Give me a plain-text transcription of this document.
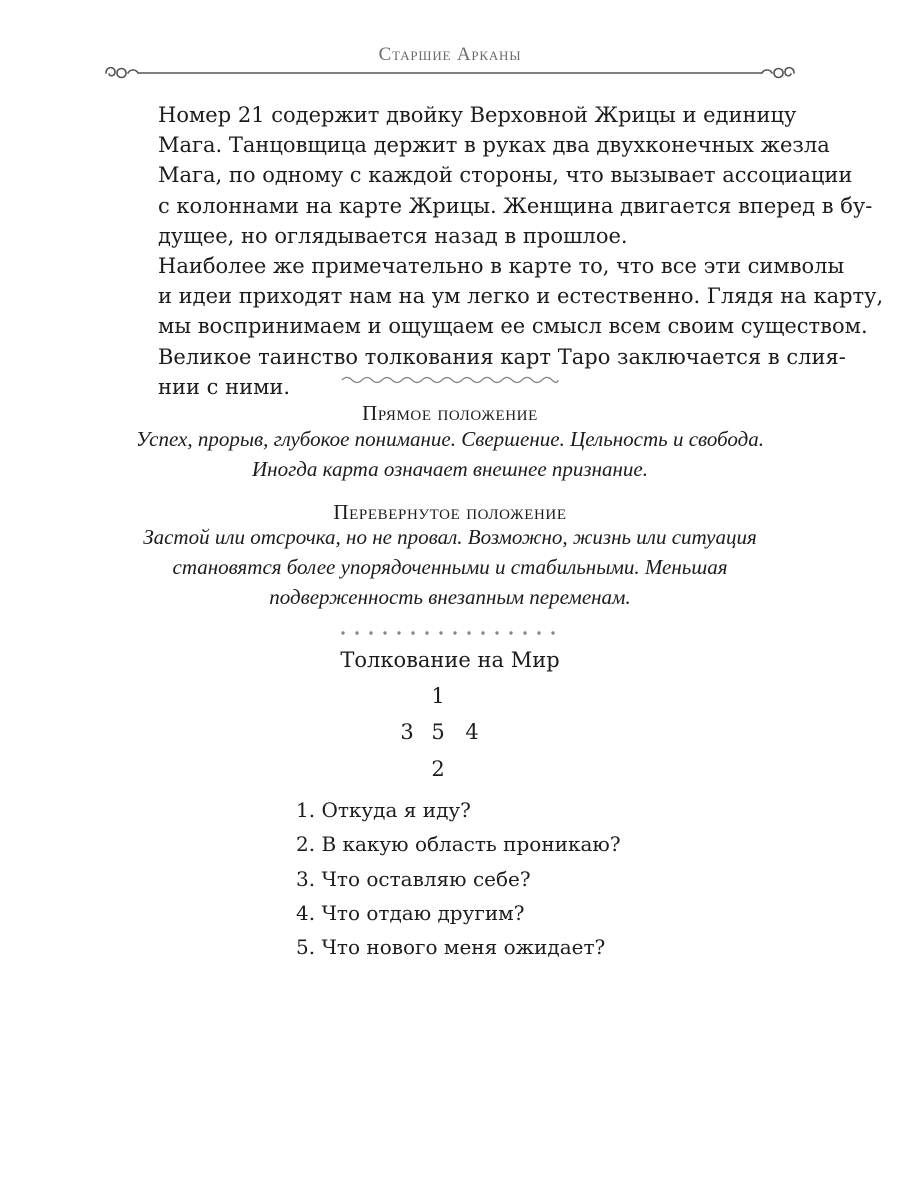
Старшие Арканы

Номер 21 содержит двойку Верховной Жрицы и единицу
Мага. Танцовщица держит в руках два двухконечных жезла
Мага, по одному с каждой стороны, что вызывает ассоциации
с колоннами на карте Жрицы. Женщина двигается вперед в бу-
дущее, но оглядывается назад в прошлое.

Наиболее же примечательно в карте то, что все эти символы
и идеи приходят нам на ум легко и естественно. Глядя на карту,
мы воспринимаем и ощущаем ее смысл всем своим существом.
Великое таинство толкования карт Таро заключается в слия-
нии с ними.

Прямое положение
Успех, прорыв, глубокое понимание. Свершение. Цельность и свобода.
Иногда карта означает внешнее признание.
Перевернутое положение
Застой или отсрочка, но не провал. Возможно, жизнь или ситуация
становятся более упорядоченными и стабильными. Меньшая
подверженность внезапным переменам.
Толкование на Мир
1
3 5 4
2
1. Откуда я иду?
2. В какую область проникаю?
3. Что оставляю себе?
4. Что отдаю другим?
5. Что нового меня ожидает?
